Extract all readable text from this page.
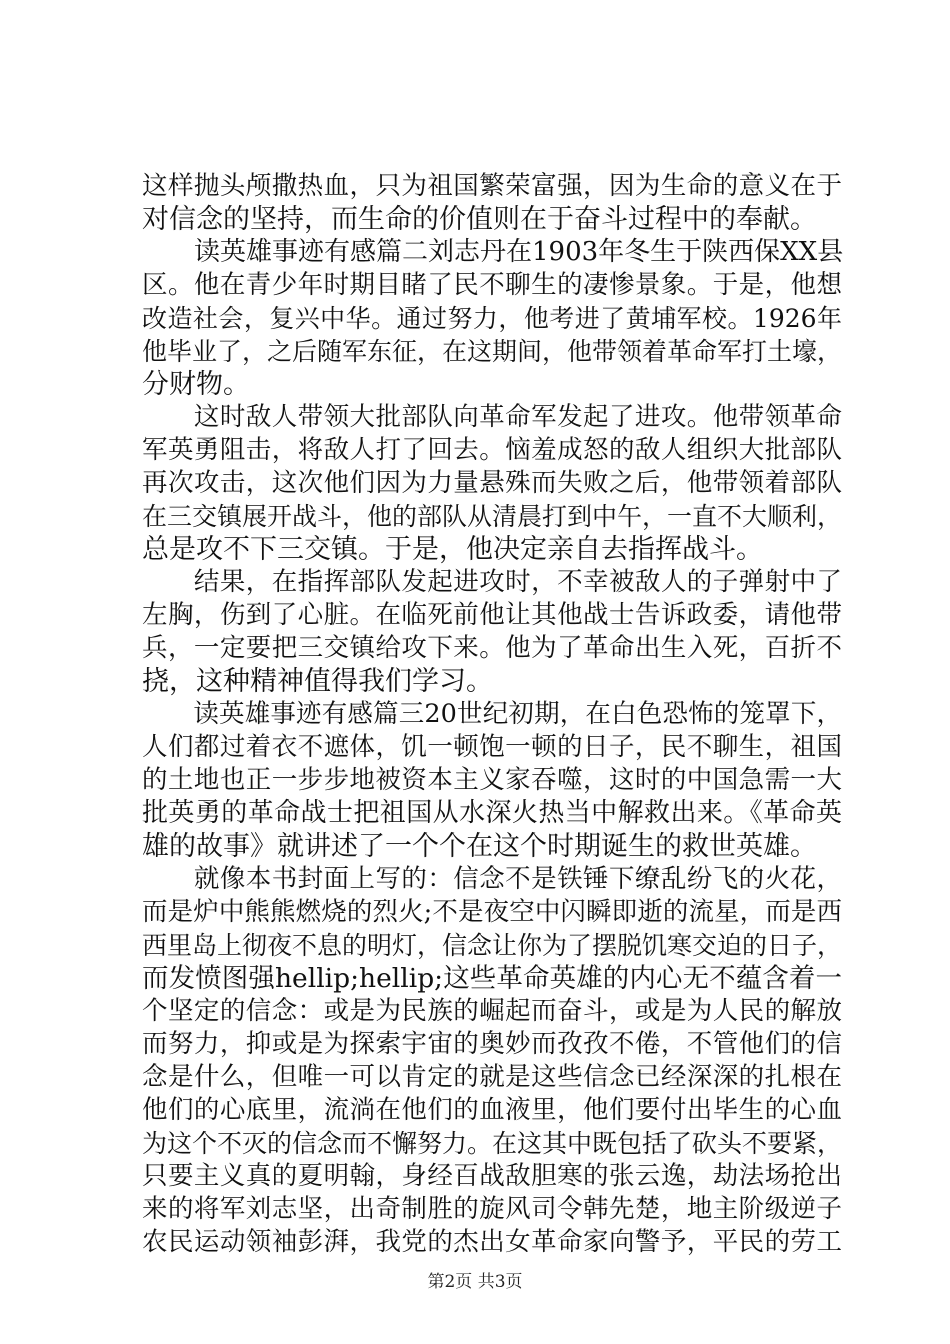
这样抛头颅撒热血，只为祖国繁荣富强，因为生命的意义在于
对信念的坚持，而生命的价值则在于奋斗过程中的奉献。
　　读英雄事迹有感篇二刘志丹在1903年冬生于陕西保XX县
区。他在青少年时期目睹了民不聊生的凄惨景象。于是，他想
改造社会，复兴中华。通过努力，他考进了黄埔军校。1926年
他毕业了，之后随军东征，在这期间，他带领着革命军打土壕，
分财物。
　　这时敌人带领大批部队向革命军发起了进攻。他带领革命
军英勇阻击，将敌人打了回去。恼羞成怒的敌人组织大批部队
再次攻击，这次他们因为力量悬殊而失败之后，他带领着部队
在三交镇展开战斗，他的部队从清晨打到中午，一直不大顺利，
总是攻不下三交镇。于是，他决定亲自去指挥战斗。
　　结果，在指挥部队发起进攻时，不幸被敌人的子弹射中了
左胸，伤到了心脏。在临死前他让其他战士告诉政委，请他带
兵，一定要把三交镇给攻下来。他为了革命出生入死，百折不
挠，这种精神值得我们学习。
　　读英雄事迹有感篇三20世纪初期，在白色恐怖的笼罩下，
人们都过着衣不遮体，饥一顿饱一顿的日子，民不聊生，祖国
的土地也正一步步地被资本主义家吞噬，这时的中国急需一大
批英勇的革命战士把祖国从水深火热当中解救出来。《革命英
雄的故事》就讲述了一个个在这个时期诞生的救世英雄。
　　就像本书封面上写的：信念不是铁锤下缭乱纷飞的火花，
而是炉中熊熊燃烧的烈火;不是夜空中闪瞬即逝的流星，而是西
西里岛上彻夜不息的明灯，信念让你为了摆脱饥寒交迫的日子，
而发愤图强hellip;hellip;这些革命英雄的内心无不蕴含着一
个坚定的信念：或是为民族的崛起而奋斗，或是为人民的解放
而努力，抑或是为探索宇宙的奥妙而孜孜不倦，不管他们的信
念是什么，但唯一可以肯定的就是这些信念已经深深的扎根在
他们的心底里，流淌在他们的血液里，他们要付出毕生的心血
为这个不灭的信念而不懈努力。在这其中既包括了砍头不要紧，
只要主义真的夏明翰，身经百战敌胆寒的张云逸，劫法场抢出
来的将军刘志坚，出奇制胜的旋风司令韩先楚，地主阶级逆子
农民运动领袖彭湃，我党的杰出女革命家向警予，平民的劳工
第2页 共3页
